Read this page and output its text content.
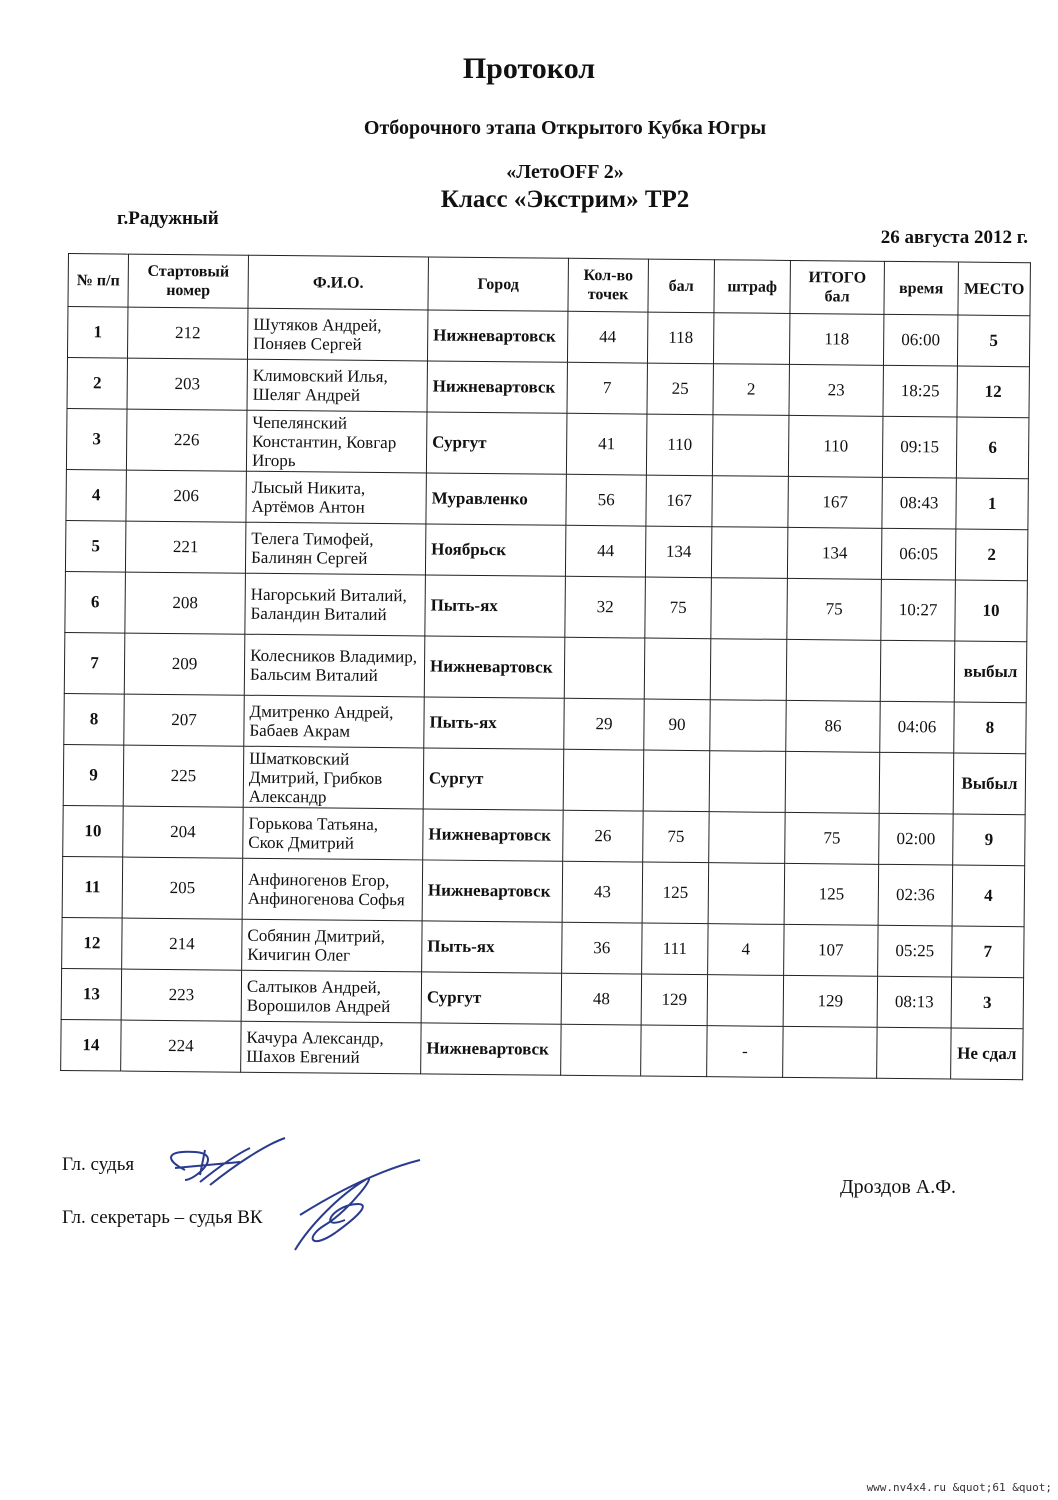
Протокол
Отборочного этапа Открытого Кубка Югры
«ЛетоOFF 2»
Класс «Экстрим» ТР2
г.Радужный
26 августа 2012 г.
№ п/п	Стартовый номер	Ф.И.О.	Город	Кол-во точек	бал	штраф	ИТОГО бал	время	МЕСТО
1	212	Шутяков Андрей, Поняев Сергей	Нижневартовск	44	118		118	06:00	5
2	203	Климовский Илья, Шеляг Андрей	Нижневартовск	7	25	2	23	18:25	12
3	226	Чепелянский Константин, Ковгар Игорь	Сургут	41	110		110	09:15	6
4	206	Лысый Никита, Артёмов Антон	Муравленко	56	167		167	08:43	1
5	221	Телега Тимофей, Балинян Сергей	Ноябрьск	44	134		134	06:05	2
6	208	Нагорський Виталий, Баландин Виталий	Пыть-ях	32	75		75	10:27	10
7	209	Колесников Владимир, Бальсим Виталий	Нижневартовск						выбыл
8	207	Дмитренко Андрей, Бабаев Акрам	Пыть-ях	29	90		86	04:06	8
9	225	Шматковский Дмитрий, Грибков Александр	Сургут						Выбыл
10	204	Горькова Татьяна, Скок Дмитрий	Нижневартовск	26	75		75	02:00	9
11	205	Анфиногенов Егор, Анфиногенова Софья	Нижневартовск	43	125		125	02:36	4
12	214	Собянин Дмитрий, Кичигин Олег	Пыть-ях	36	111	4	107	05:25	7
13	223	Салтыков Андрей, Ворошилов Андрей	Сургут	48	129		129	08:13	3
14	224	Качура Александр, Шахов Евгений	Нижневартовск			-			Не сдал
Гл. судья
Гл. секретарь – судья ВК
Дроздов А.Ф.
www.nv4x4.ru &quot;61 &quot;
